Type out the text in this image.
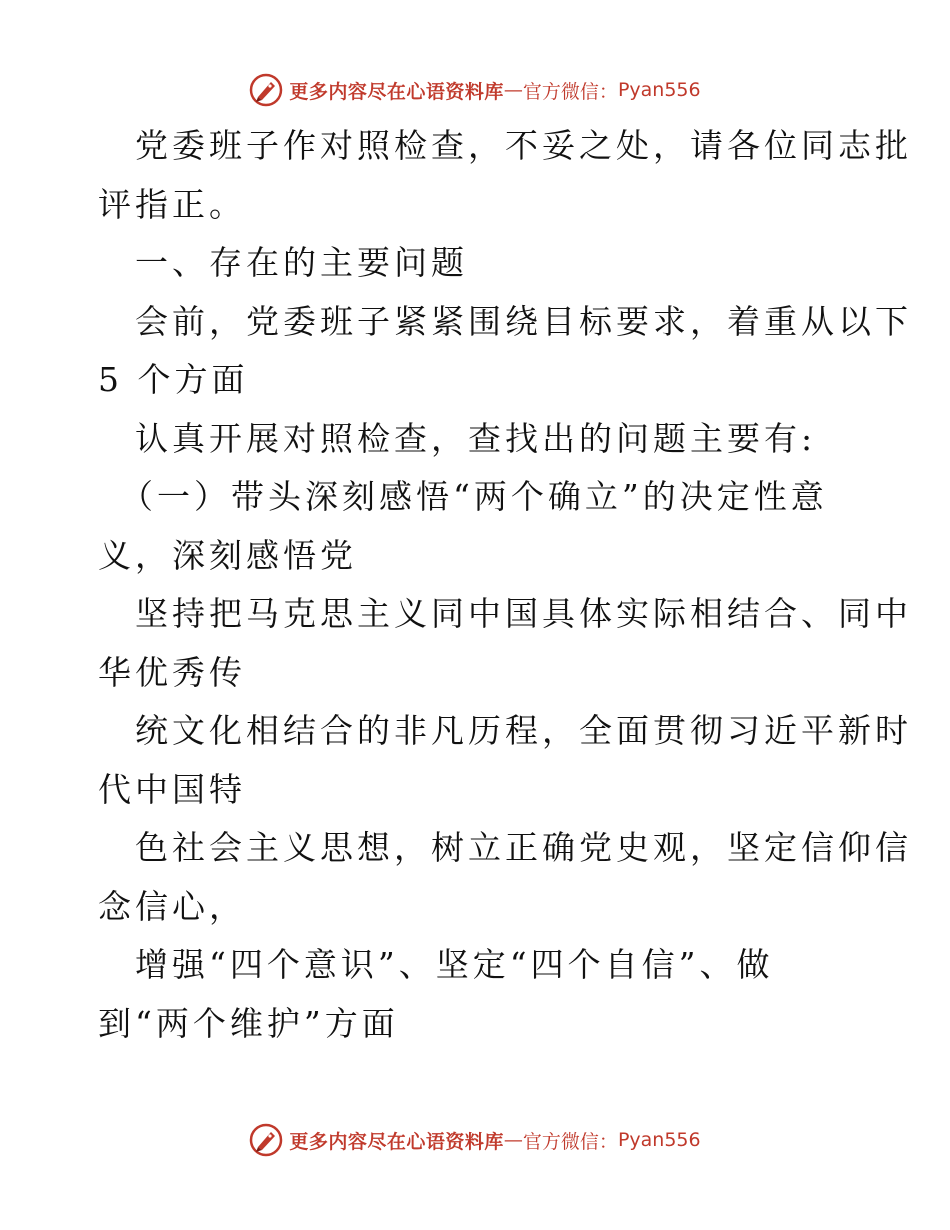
更多内容尽在心语资料库 — 官方微信： Pyan556
党委班子作对照检查，不妥之处，请各位同志批
评指正。
一、存在的主要问题
会前，党委班子紧紧围绕目标要求，着重从以下
5 个方面
认真开展对照检查，查找出的问题主要有:
（一）带头深刻感悟“两个确立”的决定性意
义，深刻感悟党
坚持把马克思主义同中国具体实际相结合、同中
华优秀传
统文化相结合的非凡历程，全面贯彻习近平新时
代中国特
色社会主义思想，树立正确党史观，坚定信仰信
念信心，
增强“四个意识”、坚定“四个自信”、做
到“两个维护”方面
更多内容尽在心语资料库 — 官方微信： Pyan556
